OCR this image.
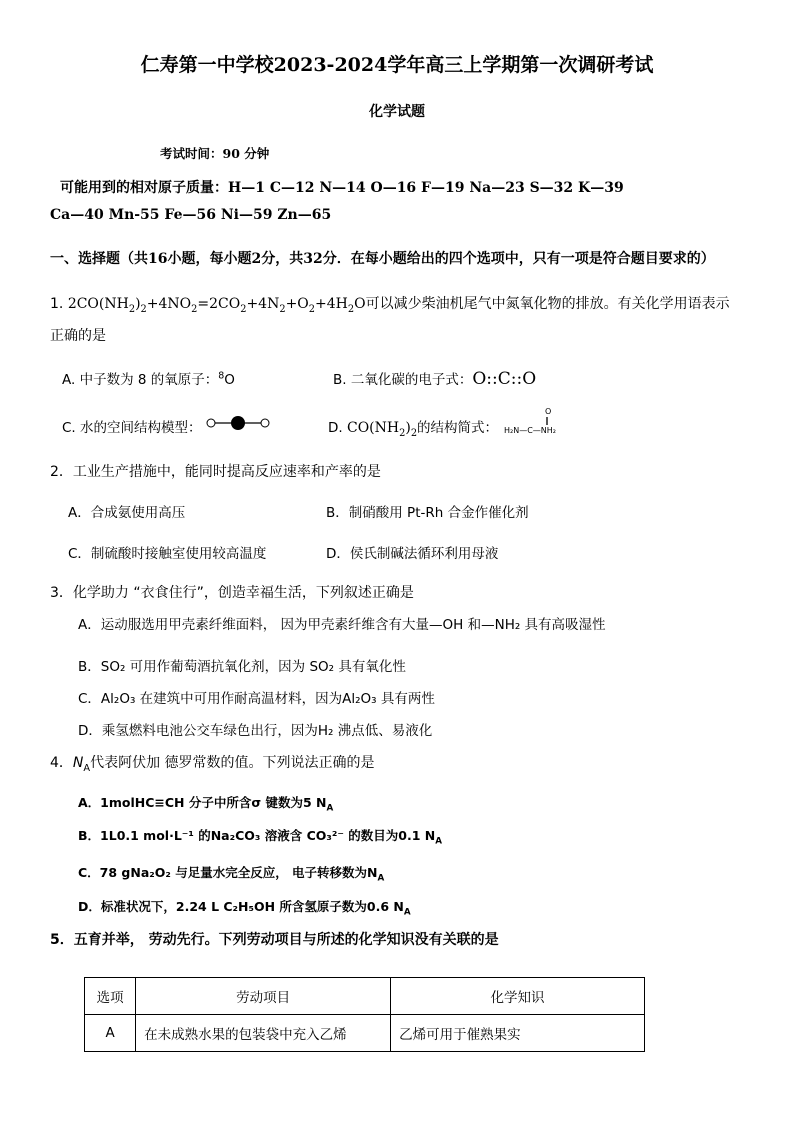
仁寿第一中学校2023-2024学年高三上学期第一次调研考试
化学试题
考试时间：90 分钟
可能用到的相对原子质量：H—1 C—12 N—14 O—16 F—19 Na—23 S—32 K—39
Ca—40 Mn-55 Fe—56 Ni—59 Zn—65
一、选择题（共16小题，每小题2分，共32分．在每小题给出的四个选项中，只有一项是符合题目要求的）
1. $2CO(NH_2)_2+4NO_2=2CO_2+4N_2+O_2+4H_2O$可以减少柴油机尾气中氮氧化物的排放。有关化学用语表示
正确的是
A. 中子数为 8 的氧原子：$^8$O	B. 二氧化碳的电子式：O::C::O
C. 水的空间结构模型：	D. $CO(NH_2)_2$的结构简式：
O
‖
H₂N—C—NH₂
2．工业生产措施中，能同时提高反应速率和产率的是
A．合成氨使用高压	B．制硝酸用 Pt-Rh 合金作催化剂
C．制硫酸时接触室使用较高温度	D．侯氏制碱法循环利用母液
3．化学助力 “衣食住行”，创造幸福生活，下列叙述正确是
A．运动服选用甲壳素纤维面料， 因为甲壳素纤维含有大量—OH 和—NH₂ 具有高吸湿性
B．SO₂ 可用作葡萄酒抗氧化剂，因为 SO₂ 具有氧化性
C．Al₂O₃ 在建筑中可用作耐高温材料，因为Al₂O₃ 具有两性
D．乘氢燃料电池公交车绿色出行，因为H₂ 沸点低、易液化
4．$N_A$代表阿伏加 德罗常数的值。下列说法正确的是
A．1molHC≡CH 分子中所含σ 键数为5 $N_A$
B．1L0.1 mol·L⁻¹ 的Na₂CO₃ 溶液含 CO₃²⁻ 的数目为0.1 $N_A$
C．78 gNa₂O₂ 与足量水完全反应， 电子转移数为$N_A$
D．标准状况下，2.24 L C₂H₅OH 所含氢原子数为0.6 $N_A$
5．五育并举， 劳动先行。下列劳动项目与所述的化学知识没有关联的是
选项	劳动项目	化学知识
A	在未成熟水果的包装袋中充入乙烯	乙烯可用于催熟果实
